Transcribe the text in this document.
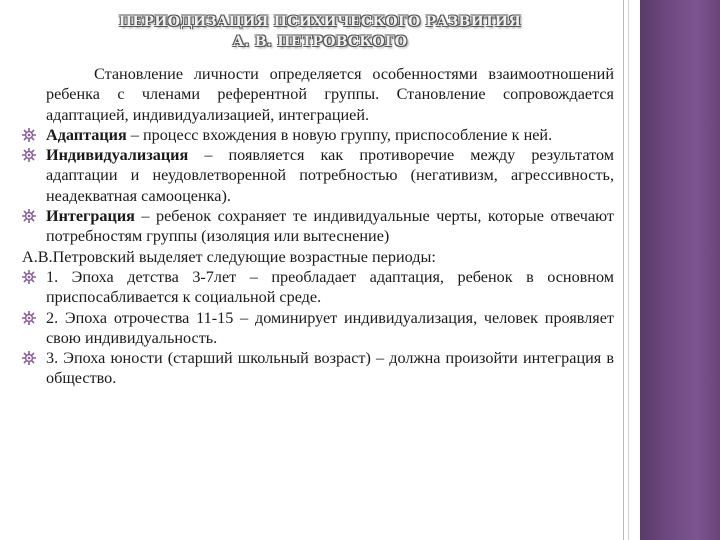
ПЕРИОДИЗАЦИЯ ПСИХИЧЕСКОГО РАЗВИТИЯ
А. В. ПЕТРОВСКОГО

Становление личности определяется особенностями взаимоотношений ребенка с членами референтной группы. Становление сопровождается адаптацией, индивидуализацией, интеграцией.

Адаптация – процесс вхождения в новую группу, приспособление к ней.

Индивидуализация – появляется как противоречие между результатом адаптации и неудовлетворенной потребностью (негативизм, агрессивность, неадекватная самооценка).

Интеграция – ребенок сохраняет те индивидуальные черты, которые отвечают потребностям группы (изоляция или вытеснение)

А.В.Петровский выделяет следующие возрастные периоды:

1. Эпоха детства 3-7лет – преобладает адаптация, ребенок в основном приспосабливается к социальной среде.

2. Эпоха отрочества 11-15 – доминирует индивидуализация, человек проявляет свою индивидуальность.

3. Эпоха юности (старший школьный возраст) – должна произойти интеграция в общество.
